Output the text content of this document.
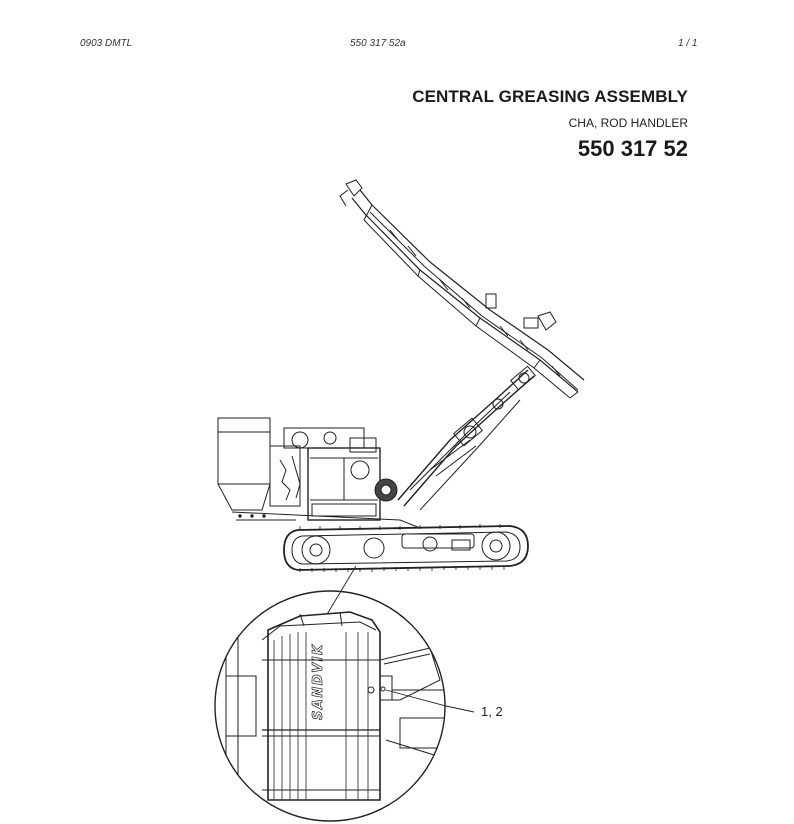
0903 DMTL	550 317 52a	1 / 1
CENTRAL GREASING ASSEMBLY
CHA, ROD HANDLER
550 317 52
SANDVIK	1, 2
